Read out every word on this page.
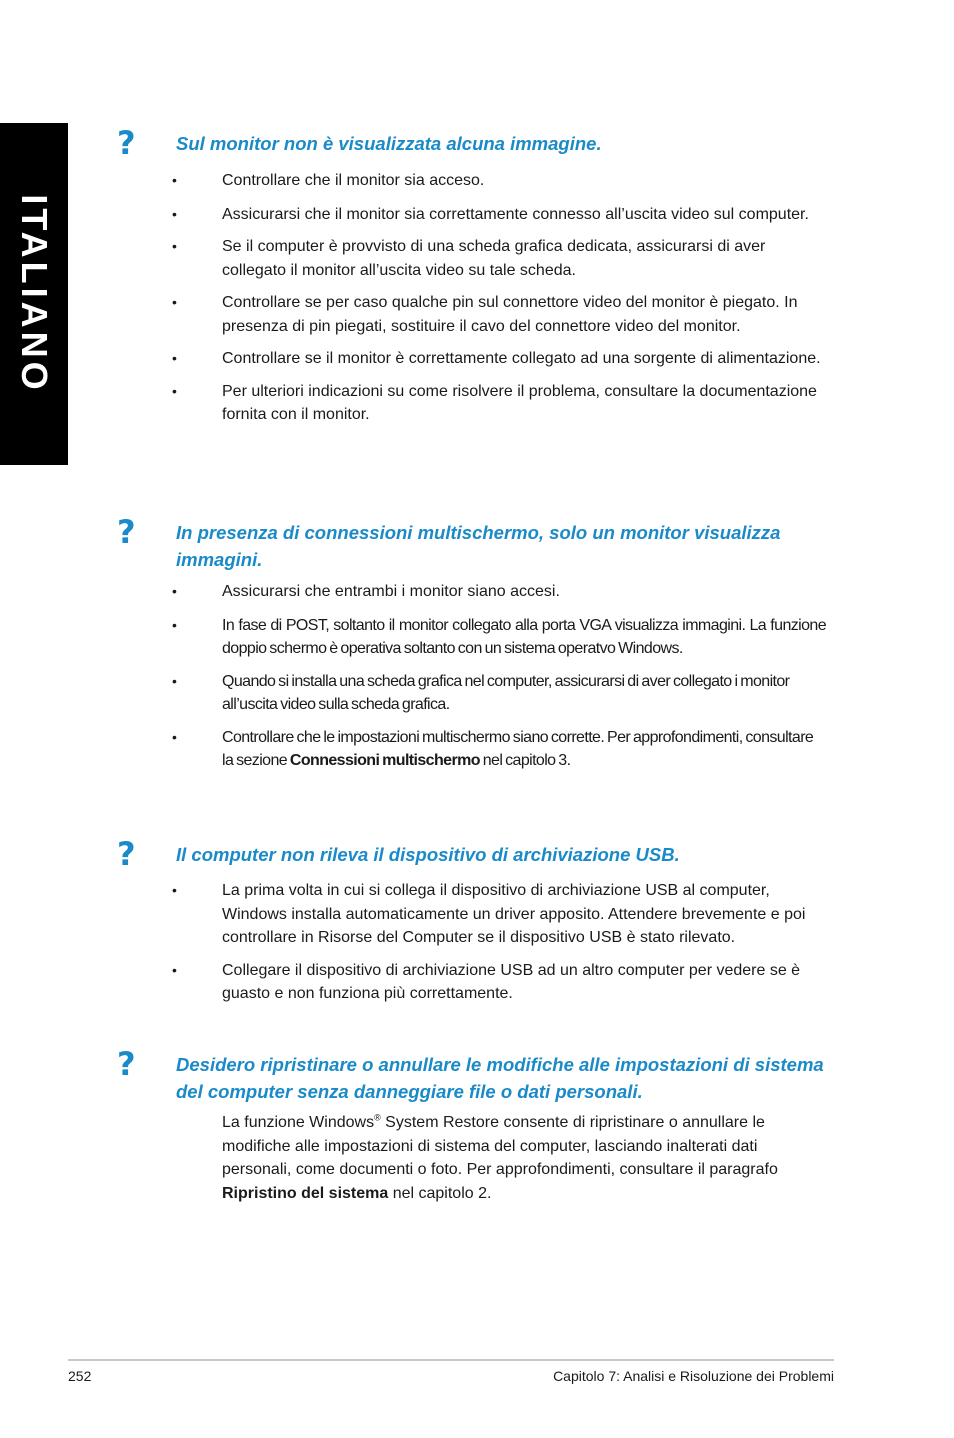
ITALIANO
? Sul monitor non è visualizzata alcuna immagine.
•	Controllare che il monitor sia acceso.
•	Assicurarsi che il monitor sia correttamente connesso all’uscita video sul computer.
•	Se il computer è provvisto di una scheda grafica dedicata, assicurarsi di aver collegato il monitor all’uscita video su tale scheda.
•	Controllare se per caso qualche pin sul connettore video del monitor è piegato. In presenza di pin piegati, sostituire il cavo del connettore video del monitor.
•	Controllare se il monitor è correttamente collegato ad una sorgente di alimentazione.
•	Per ulteriori indicazioni su come risolvere il problema, consultare la documentazione fornita con il monitor.
? In presenza di connessioni multischermo, solo un monitor visualizza immagini.
•	Assicurarsi che entrambi i monitor siano accesi.
•	In fase di POST, soltanto il monitor collegato alla porta VGA visualizza immagini. La funzione doppio schermo è operativa soltanto con un sistema operatvo Windows.
•	Quando si installa una scheda grafica nel computer, assicurarsi di aver collegato i monitor all’uscita video sulla scheda grafica.
•	Controllare che le impostazioni multischermo siano corrette. Per approfondimenti, consultare la sezione Connessioni multischermo nel capitolo 3.
? Il computer non rileva il dispositivo di archiviazione USB.
•	La prima volta in cui si collega il dispositivo di archiviazione USB al computer, Windows installa automaticamente un driver apposito. Attendere brevemente e poi controllare in Risorse del Computer se il dispositivo USB è stato rilevato.
•	Collegare il dispositivo di archiviazione USB ad un altro computer per vedere se è guasto e non funziona più correttamente.
? Desidero ripristinare o annullare le modifiche alle impostazioni di sistema del computer senza danneggiare file o dati personali.
La funzione Windows® System Restore consente di ripristinare o annullare le modifiche alle impostazioni di sistema del computer, lasciando inalterati dati personali, come documenti o foto. Per approfondimenti, consultare il paragrafo Ripristino del sistema nel capitolo 2.
252	Capitolo 7: Analisi e Risoluzione dei Problemi
